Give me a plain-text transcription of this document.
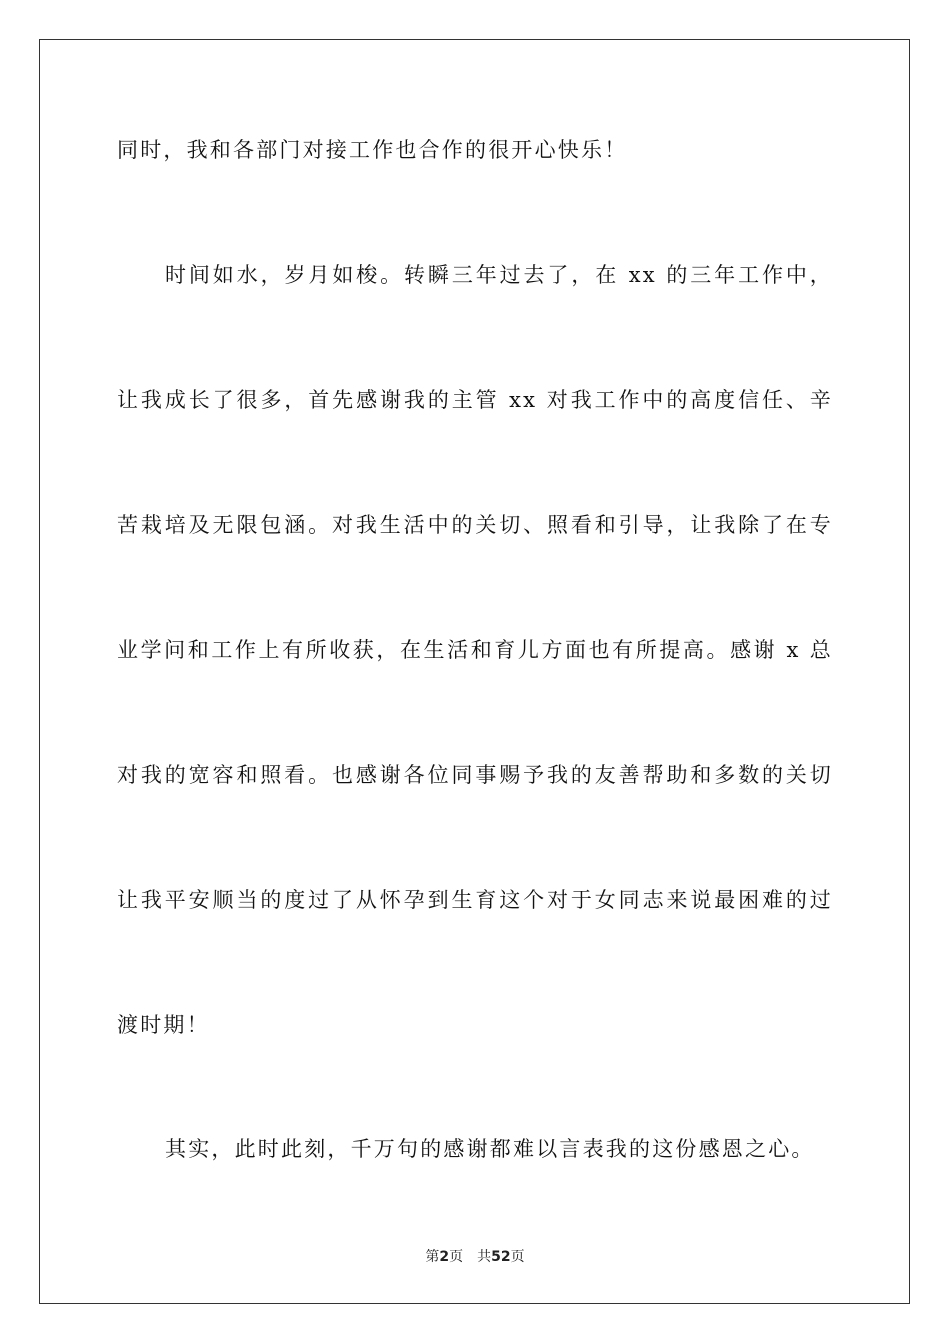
同时，我和各部门对接工作也合作的很开心快乐！
时间如水，岁月如梭。转瞬三年过去了，在 xx 的三年工作中，
让我成长了很多，首先感谢我的主管 xx 对我工作中的高度信任、辛
苦栽培及无限包涵。对我生活中的关切、照看和引导，让我除了在专
业学问和工作上有所收获，在生活和育儿方面也有所提高。感谢 x 总
对我的宽容和照看。也感谢各位同事赐予我的友善帮助和多数的关切
让我平安顺当的度过了从怀孕到生育这个对于女同志来说最困难的过
渡时期！
其实，此时此刻，千万句的感谢都难以言表我的这份感恩之心。
第2页 共52页
